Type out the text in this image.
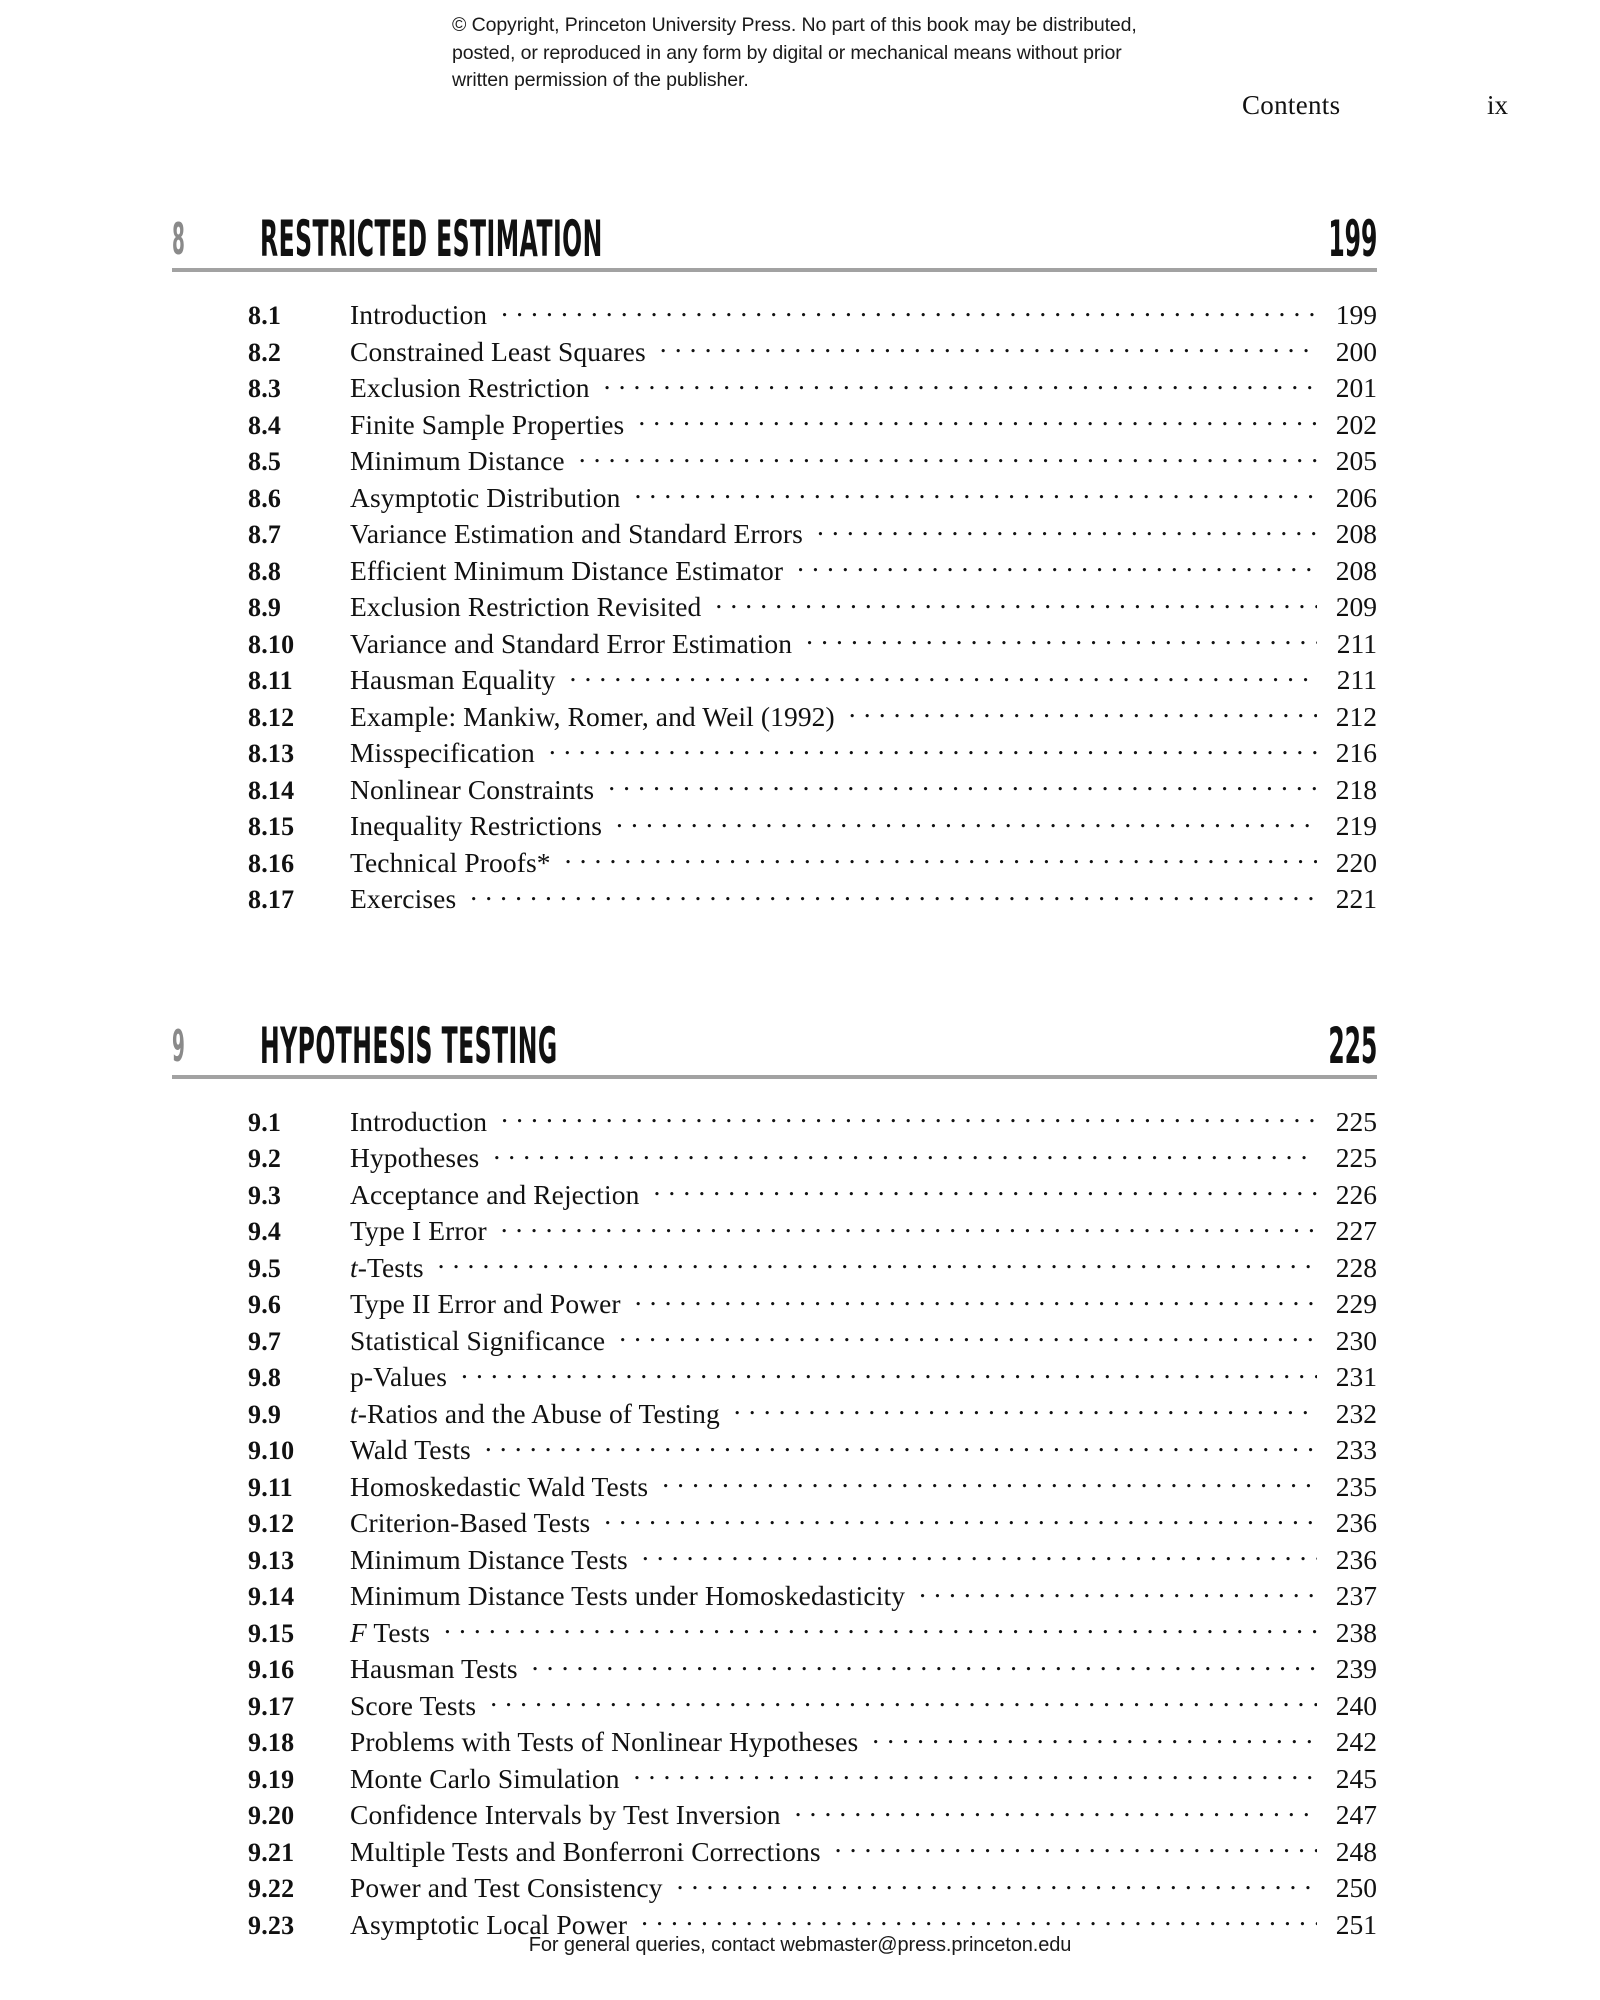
© Copyright, Princeton University Press. No part of this book may be distributed, posted, or reproduced in any form by digital or mechanical means without prior written permission of the publisher.
Contents	ix
8 RESTRICTED ESTIMATION	199
8.1	Introduction . . .	199
8.2	Constrained Least Squares . . .	200
8.3	Exclusion Restriction . . .	201
8.4	Finite Sample Properties . . .	202
8.5	Minimum Distance . . .	205
8.6	Asymptotic Distribution . . .	206
8.7	Variance Estimation and Standard Errors . . .	208
8.8	Efficient Minimum Distance Estimator . . .	208
8.9	Exclusion Restriction Revisited . . .	209
8.10	Variance and Standard Error Estimation . . .	211
8.11	Hausman Equality . . .	211
8.12	Example: Mankiw, Romer, and Weil (1992) . . .	212
8.13	Misspecification . . .	216
8.14	Nonlinear Constraints . . .	218
8.15	Inequality Restrictions . . .	219
8.16	Technical Proofs* . . .	220
8.17	Exercises . . .	221
9 HYPOTHESIS TESTING	225
9.1	Introduction . . .	225
9.2	Hypotheses . . .	225
9.3	Acceptance and Rejection . . .	226
9.4	Type I Error . . .	227
9.5	t-Tests . . .	228
9.6	Type II Error and Power . . .	229
9.7	Statistical Significance . . .	230
9.8	p-Values . . .	231
9.9	t-Ratios and the Abuse of Testing . . .	232
9.10	Wald Tests . . .	233
9.11	Homoskedastic Wald Tests . . .	235
9.12	Criterion-Based Tests . . .	236
9.13	Minimum Distance Tests . . .	236
9.14	Minimum Distance Tests under Homoskedasticity . . .	237
9.15	F Tests . . .	238
9.16	Hausman Tests . . .	239
9.17	Score Tests . . .	240
9.18	Problems with Tests of Nonlinear Hypotheses . . .	242
9.19	Monte Carlo Simulation . . .	245
9.20	Confidence Intervals by Test Inversion . . .	247
9.21	Multiple Tests and Bonferroni Corrections . . .	248
9.22	Power and Test Consistency . . .	250
9.23	Asymptotic Local Power . . .	251
For general queries, contact webmaster@press.princeton.edu
